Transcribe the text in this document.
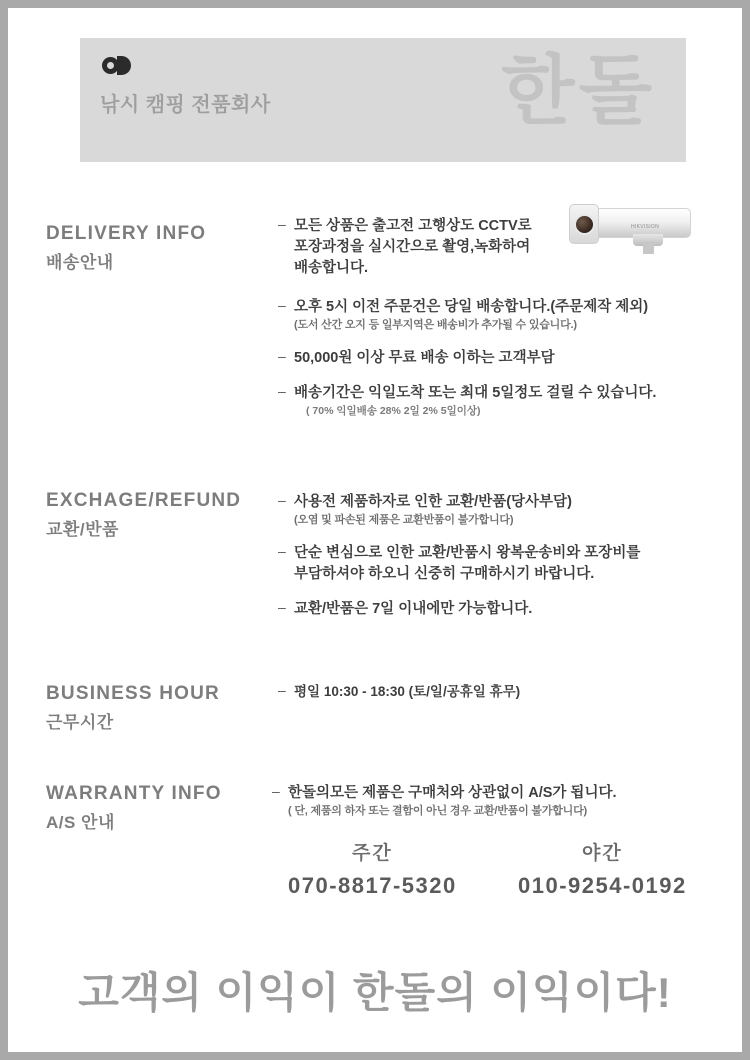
낚시 캠핑 전품회사	한돌
HIKVISION
DELIVERY INFO
배송안내
– 모든 상품은 출고전 고행상도 CCTV로
포장과정을 실시간으로 촬영,녹화하여
배송합니다.
– 오후 5시 이전 주문건은 당일 배송합니다.(주문제작 제외)
(도서 산간 오지 등 일부지역은 배송비가 추가될 수 있습니다.)
– 50,000원 이상 무료 배송 이하는 고객부담
– 배송기간은 익일도착 또는 최대 5일정도 걸릴 수 있습니다.
( 70% 익일배송 28% 2일 2% 5일이상)
EXCHAGE/REFUND
교환/반품
– 사용전 제품하자로 인한 교환/반품(당사부담)
(오염 및 파손된 제품은 교환반품이 불가합니다)
– 단순 변심으로 인한 교환/반품시 왕복운송비와 포장비를
부담하셔야 하오니 신중히 구매하시기 바랍니다.
– 교환/반품은 7일 이내에만 가능합니다.
BUSINESS HOUR
근무시간
– 평일 10:30 - 18:30 (토/일/공휴일 휴무)
WARRANTY INFO
A/S 안내
– 한돌의모든 제품은 구매처와 상관없이 A/S가 됩니다.
( 단, 제품의 하자 또는 결함이 아닌 경우 교환/반품이 불가합니다)
주간
070-8817-5320
야간
010-9254-0192
고객의 이익이 한돌의 이익이다!
